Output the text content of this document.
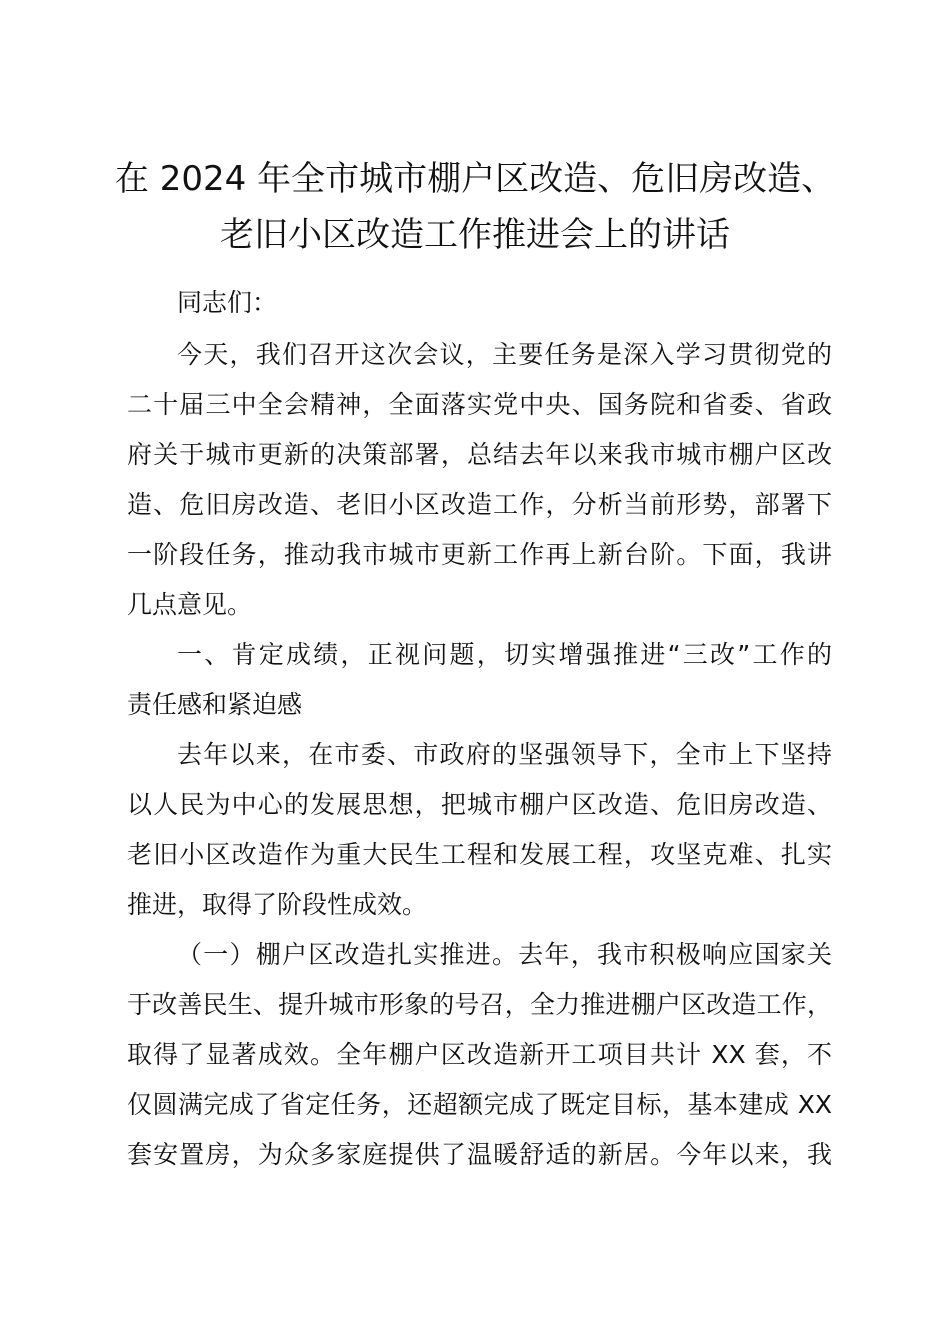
在 2024 年全市城市棚户区改造、危旧房改造、
老旧小区改造工作推进会上的讲话
同志们：
今天，我们召开这次会议，主要任务是深入学习贯彻党的
二十届三中全会精神，全面落实党中央、国务院和省委、省政
府关于城市更新的决策部署，总结去年以来我市城市棚户区改
造、危旧房改造、老旧小区改造工作，分析当前形势，部署下
一阶段任务，推动我市城市更新工作再上新台阶。下面，我讲
几点意见。
一、肯定成绩，正视问题，切实增强推进“三改”工作的
责任感和紧迫感
去年以来，在市委、市政府的坚强领导下，全市上下坚持
以人民为中心的发展思想，把城市棚户区改造、危旧房改造、
老旧小区改造作为重大民生工程和发展工程，攻坚克难、扎实
推进，取得了阶段性成效。
（一）棚户区改造扎实推进。去年，我市积极响应国家关
于改善民生、提升城市形象的号召，全力推进棚户区改造工作，
取得了显著成效。全年棚户区改造新开工项目共计 XX 套，不
仅圆满完成了省定任务，还超额完成了既定目标，基本建成 XX
套安置房，为众多家庭提供了温暖舒适的新居。今年以来，我
